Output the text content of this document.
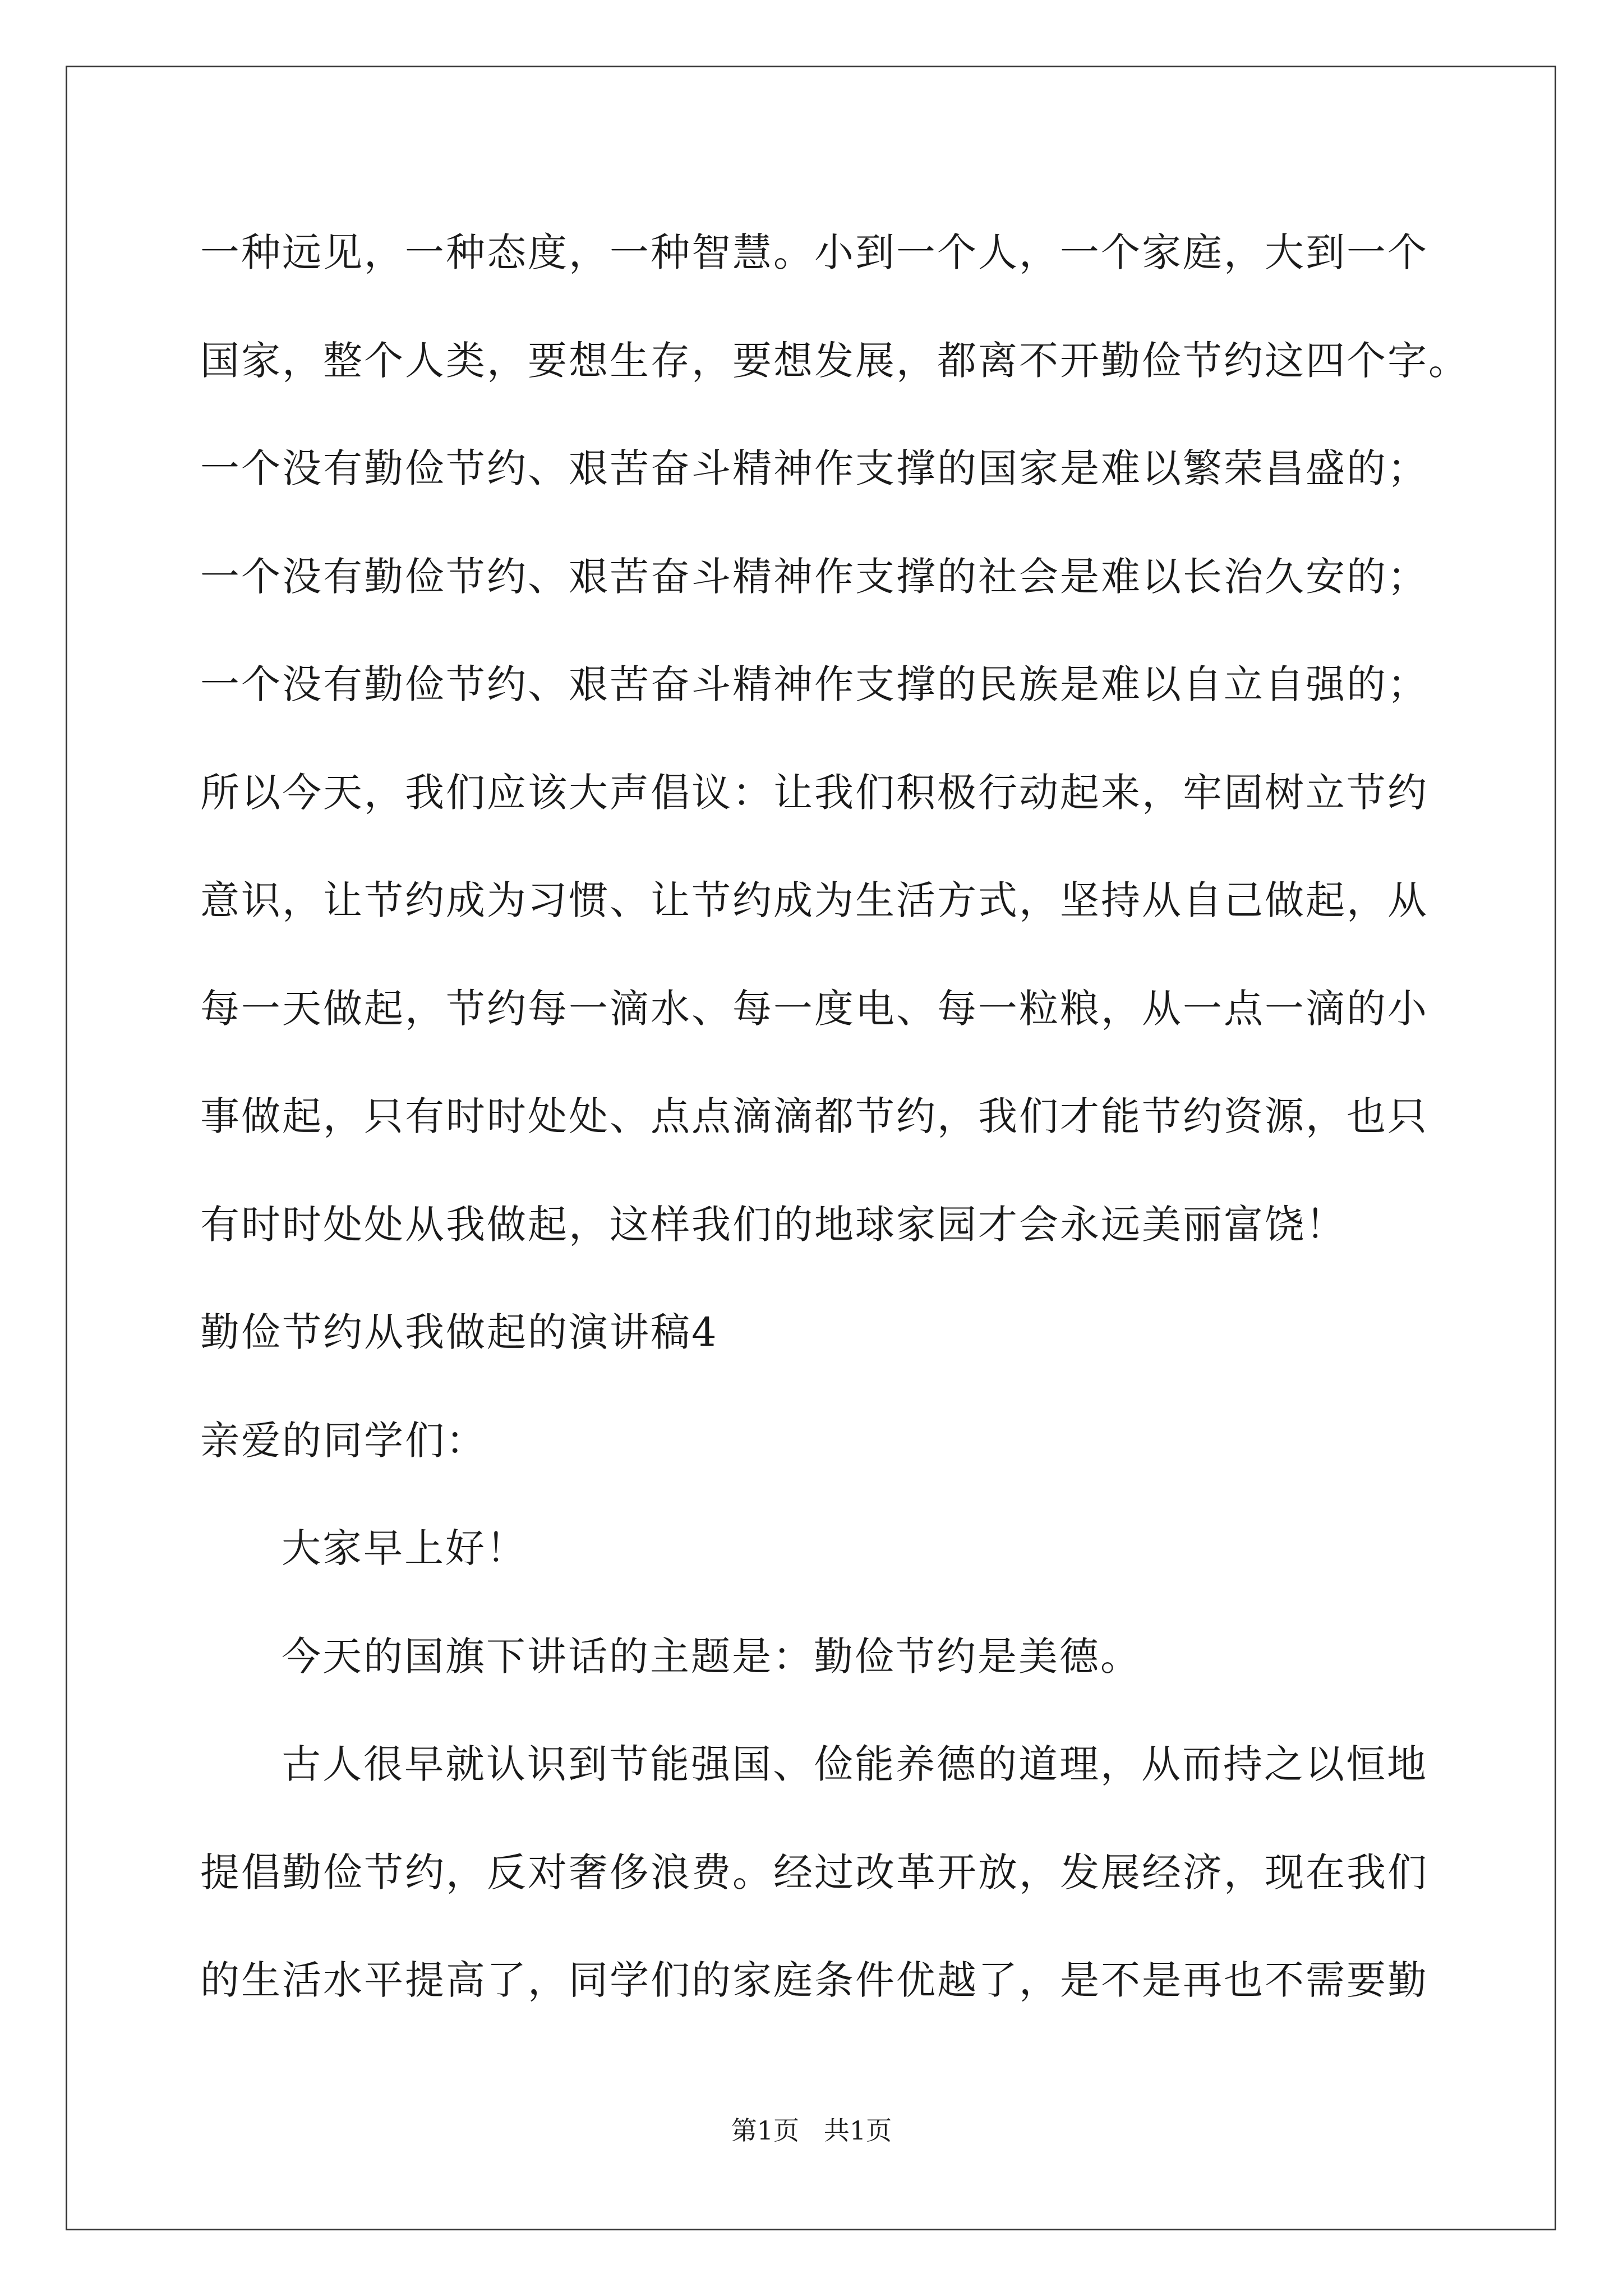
一种远见，一种态度，一种智慧。小到一个人，一个家庭，大到一个
国家，整个人类，要想生存，要想发展，都离不开勤俭节约这四个字。
一个没有勤俭节约、艰苦奋斗精神作支撑的国家是难以繁荣昌盛的；
一个没有勤俭节约、艰苦奋斗精神作支撑的社会是难以长治久安的；
一个没有勤俭节约、艰苦奋斗精神作支撑的民族是难以自立自强的；
所以今天，我们应该大声倡议：让我们积极行动起来，牢固树立节约
意识，让节约成为习惯、让节约成为生活方式，坚持从自己做起，从
每一天做起，节约每一滴水、每一度电、每一粒粮，从一点一滴的小
事做起，只有时时处处、点点滴滴都节约，我们才能节约资源，也只
有时时处处从我做起，这样我们的地球家园才会永远美丽富饶！
勤俭节约从我做起的演讲稿4
亲爱的同学们：
大家早上好！
今天的国旗下讲话的主题是：勤俭节约是美德。
古人很早就认识到节能强国、俭能养德的道理，从而持之以恒地
提倡勤俭节约，反对奢侈浪费。经过改革开放，发展经济，现在我们
的生活水平提高了，同学们的家庭条件优越了，是不是再也不需要勤
第1页   共1页
